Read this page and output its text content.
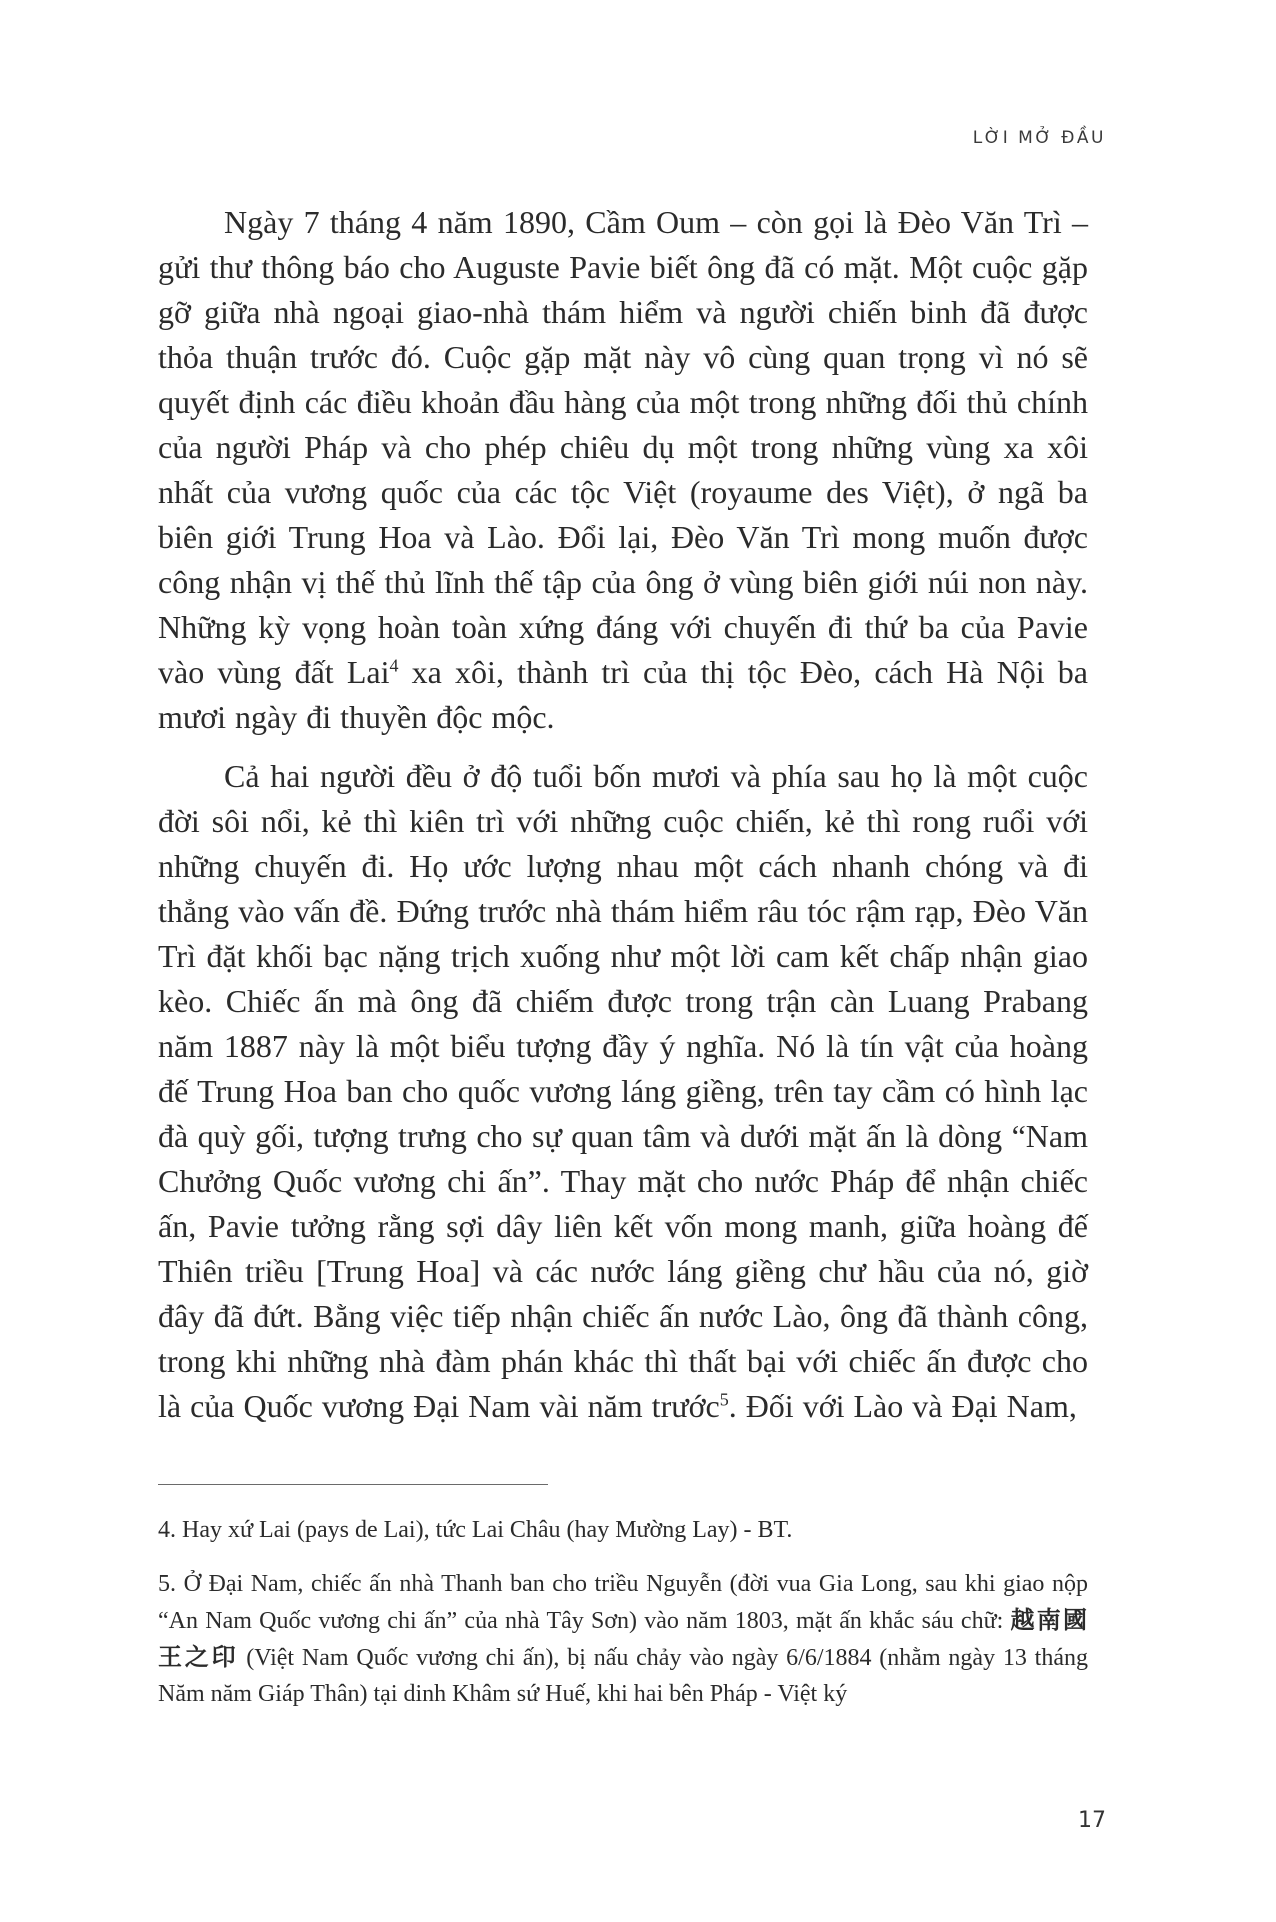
LỜI MỞ ĐẦU

Ngày 7 tháng 4 năm 1890, Cầm Oum – còn gọi là Đèo Văn Trì – gửi thư thông báo cho Auguste Pavie biết ông đã có mặt. Một cuộc gặp gỡ giữa nhà ngoại giao-nhà thám hiểm và người chiến binh đã được thỏa thuận trước đó. Cuộc gặp mặt này vô cùng quan trọng vì nó sẽ quyết định các điều khoản đầu hàng của một trong những đối thủ chính của người Pháp và cho phép chiêu dụ một trong những vùng xa xôi nhất của vương quốc của các tộc Việt (royaume des Việt), ở ngã ba biên giới Trung Hoa và Lào. Đổi lại, Đèo Văn Trì mong muốn được công nhận vị thế thủ lĩnh thế tập của ông ở vùng biên giới núi non này. Những kỳ vọng hoàn toàn xứng đáng với chuyến đi thứ ba của Pavie vào vùng đất Lai$^4$ xa xôi, thành trì của thị tộc Đèo, cách Hà Nội ba mươi ngày đi thuyền độc mộc.

Cả hai người đều ở độ tuổi bốn mươi và phía sau họ là một cuộc đời sôi nổi, kẻ thì kiên trì với những cuộc chiến, kẻ thì rong ruổi với những chuyến đi. Họ ước lượng nhau một cách nhanh chóng và đi thẳng vào vấn đề. Đứng trước nhà thám hiểm râu tóc rậm rạp, Đèo Văn Trì đặt khối bạc nặng trịch xuống như một lời cam kết chấp nhận giao kèo. Chiếc ấn mà ông đã chiếm được trong trận càn Luang Prabang năm 1887 này là một biểu tượng đầy ý nghĩa. Nó là tín vật của hoàng đế Trung Hoa ban cho quốc vương láng giềng, trên tay cầm có hình lạc đà quỳ gối, tượng trưng cho sự quan tâm và dưới mặt ấn là dòng “Nam Chưởng Quốc vương chi ấn”. Thay mặt cho nước Pháp để nhận chiếc ấn, Pavie tưởng rằng sợi dây liên kết vốn mong manh, giữa hoàng đế Thiên triều [Trung Hoa] và các nước láng giềng chư hầu của nó, giờ đây đã đứt. Bằng việc tiếp nhận chiếc ấn nước Lào, ông đã thành công, trong khi những nhà đàm phán khác thì thất bại với chiếc ấn được cho là của Quốc vương Đại Nam vài năm trước$^5$. Đối với Lào và Đại Nam,

4. Hay xứ Lai (pays de Lai), tức Lai Châu (hay Mường Lay) - BT.

5. Ở Đại Nam, chiếc ấn nhà Thanh ban cho triều Nguyễn (đời vua Gia Long, sau khi giao nộp “An Nam Quốc vương chi ấn” của nhà Tây Sơn) vào năm 1803, mặt ấn khắc sáu chữ: 越南國王之印 (Việt Nam Quốc vương chi ấn), bị nấu chảy vào ngày 6/6/1884 (nhằm ngày 13 tháng Năm năm Giáp Thân) tại dinh Khâm sứ Huế, khi hai bên Pháp - Việt ký

17
